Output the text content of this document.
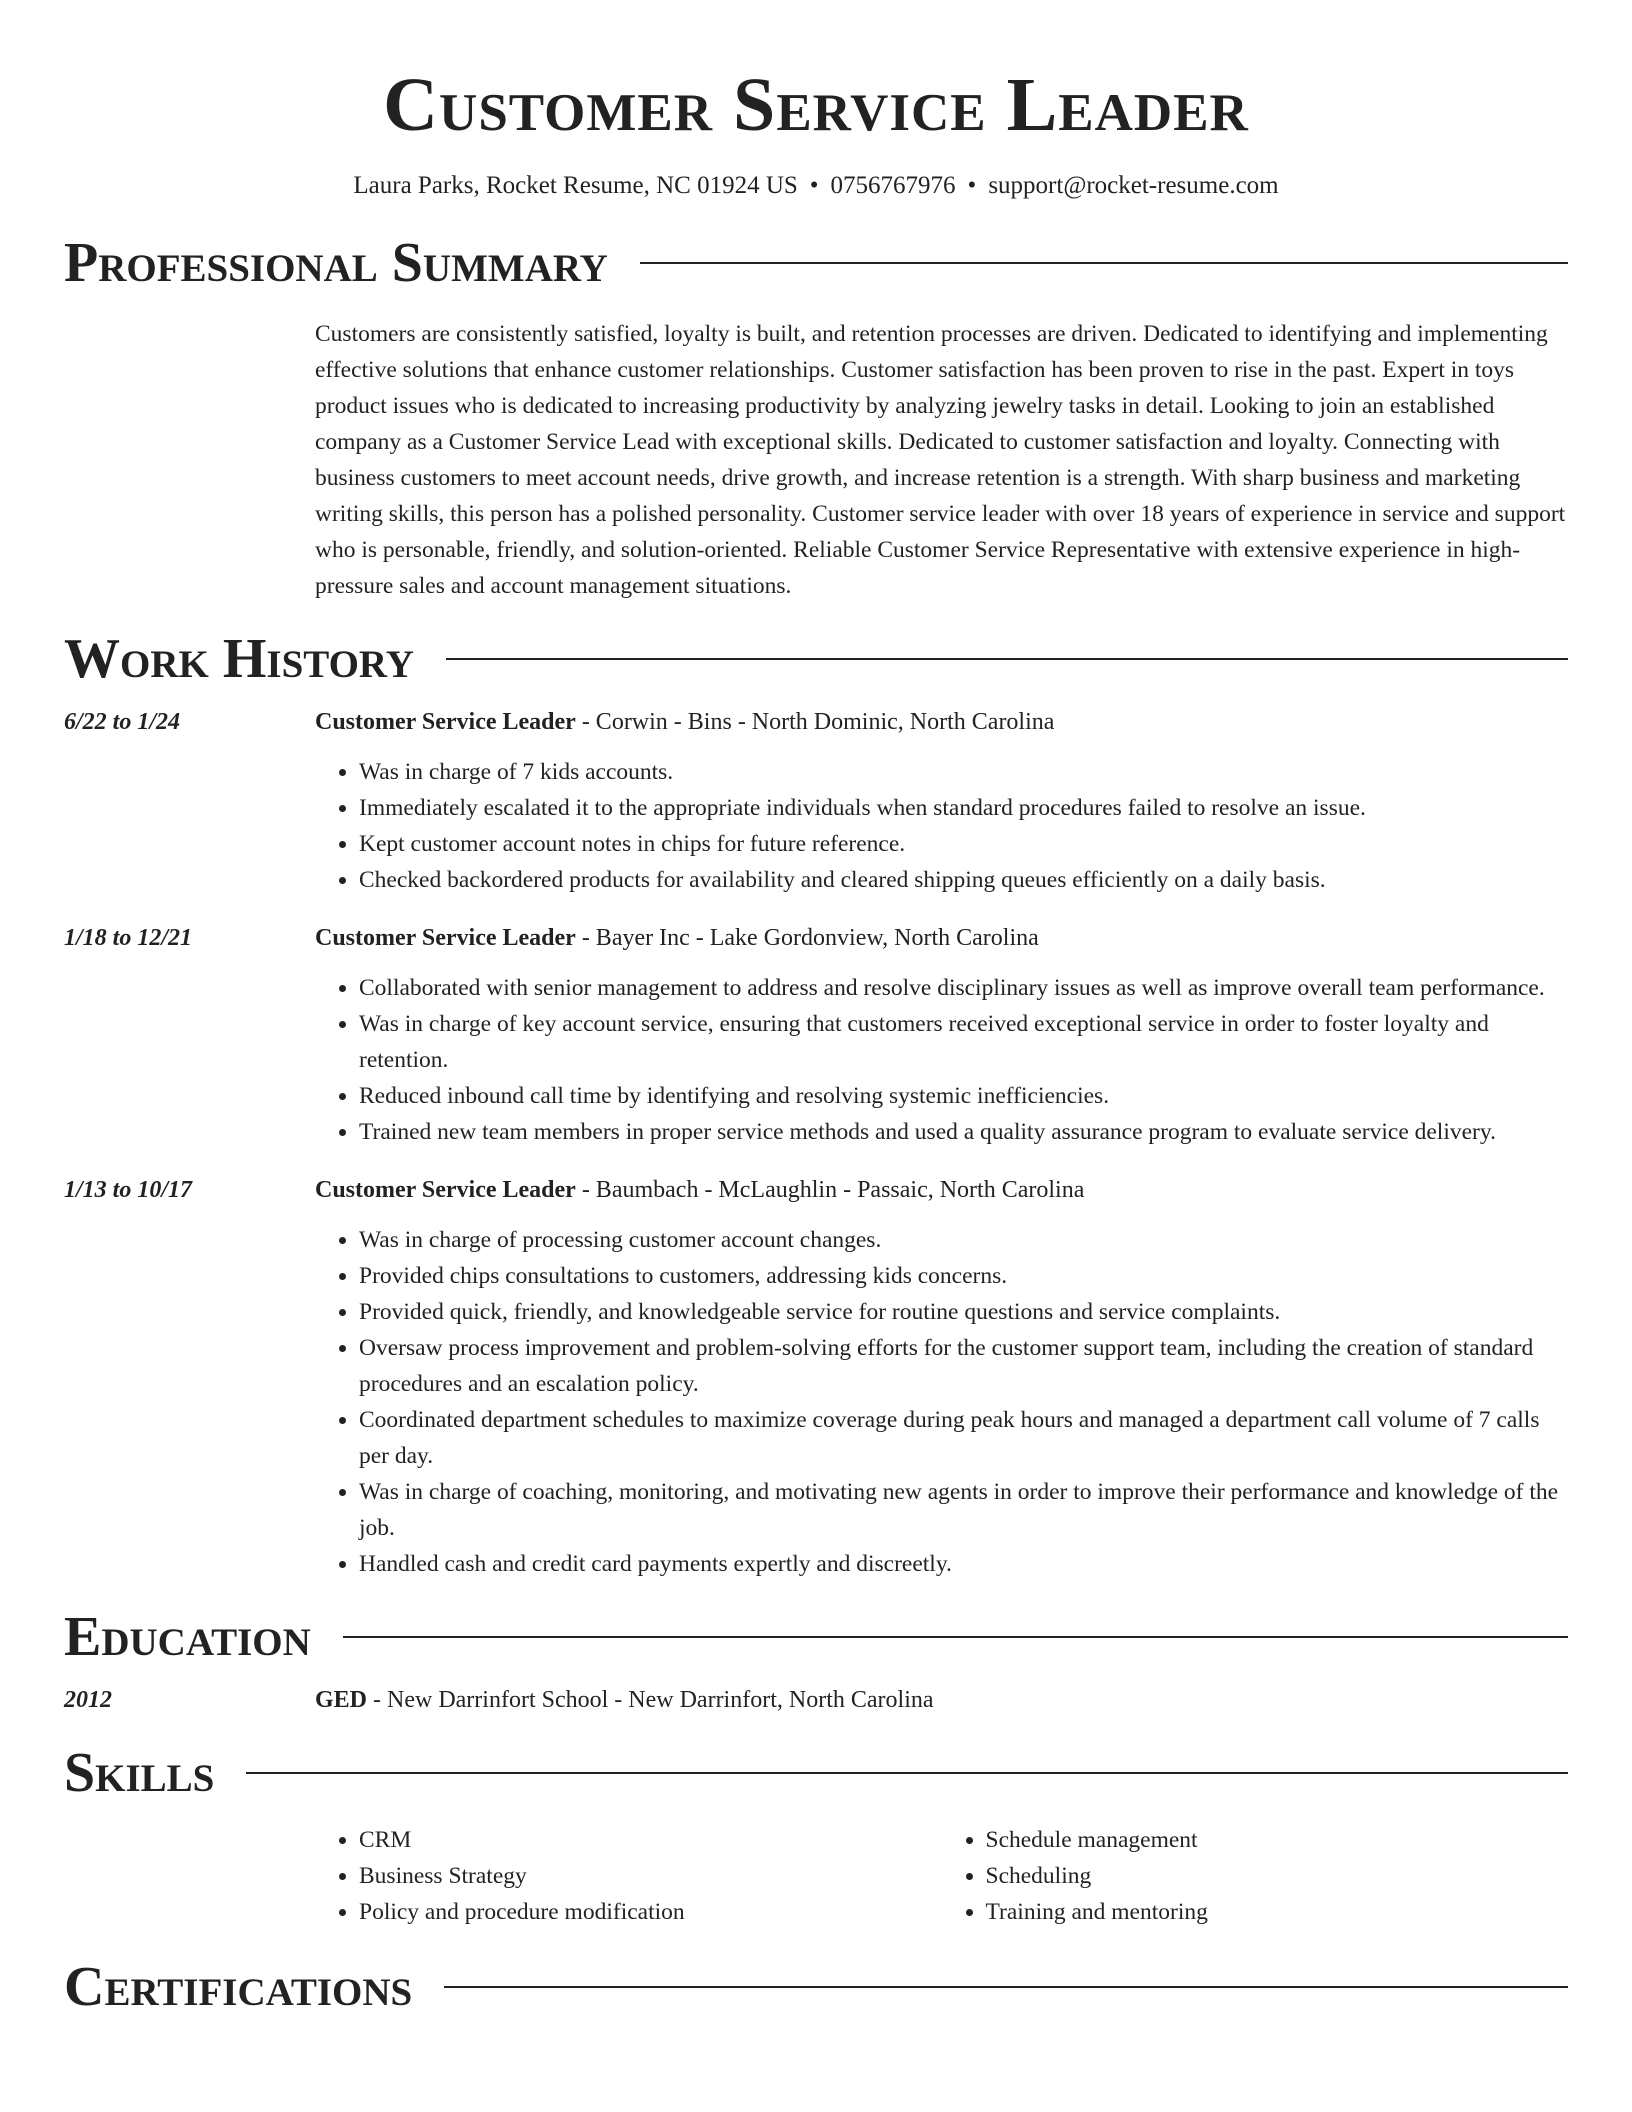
Customer Service Leader
Laura Parks, Rocket Resume, NC 01924 US • 0756767976 • support@rocket-resume.com
Professional Summary
Customers are consistently satisfied, loyalty is built, and retention processes are driven. Dedicated to identifying and implementing effective solutions that enhance customer relationships. Customer satisfaction has been proven to rise in the past. Expert in toys product issues who is dedicated to increasing productivity by analyzing jewelry tasks in detail. Looking to join an established company as a Customer Service Lead with exceptional skills. Dedicated to customer satisfaction and loyalty. Connecting with business customers to meet account needs, drive growth, and increase retention is a strength. With sharp business and marketing writing skills, this person has a polished personality. Customer service leader with over 18 years of experience in service and support who is personable, friendly, and solution-oriented. Reliable Customer Service Representative with extensive experience in high-pressure sales and account management situations.
Work History
6/22 to 1/24	Customer Service Leader - Corwin - Bins - North Dominic, North Carolina
• Was in charge of 7 kids accounts.
• Immediately escalated it to the appropriate individuals when standard procedures failed to resolve an issue.
• Kept customer account notes in chips for future reference.
• Checked backordered products for availability and cleared shipping queues efficiently on a daily basis.
1/18 to 12/21	Customer Service Leader - Bayer Inc - Lake Gordonview, North Carolina
• Collaborated with senior management to address and resolve disciplinary issues as well as improve overall team performance.
• Was in charge of key account service, ensuring that customers received exceptional service in order to foster loyalty and retention.
• Reduced inbound call time by identifying and resolving systemic inefficiencies.
• Trained new team members in proper service methods and used a quality assurance program to evaluate service delivery.
1/13 to 10/17	Customer Service Leader - Baumbach - McLaughlin - Passaic, North Carolina
• Was in charge of processing customer account changes.
• Provided chips consultations to customers, addressing kids concerns.
• Provided quick, friendly, and knowledgeable service for routine questions and service complaints.
• Oversaw process improvement and problem-solving efforts for the customer support team, including the creation of standard procedures and an escalation policy.
• Coordinated department schedules to maximize coverage during peak hours and managed a department call volume of 7 calls per day.
• Was in charge of coaching, monitoring, and motivating new agents in order to improve their performance and knowledge of the job.
• Handled cash and credit card payments expertly and discreetly.
Education
2012	GED - New Darrinfort School - New Darrinfort, North Carolina
Skills
• CRM
• Business Strategy
• Policy and procedure modification
• Schedule management
• Scheduling
• Training and mentoring
Certifications
